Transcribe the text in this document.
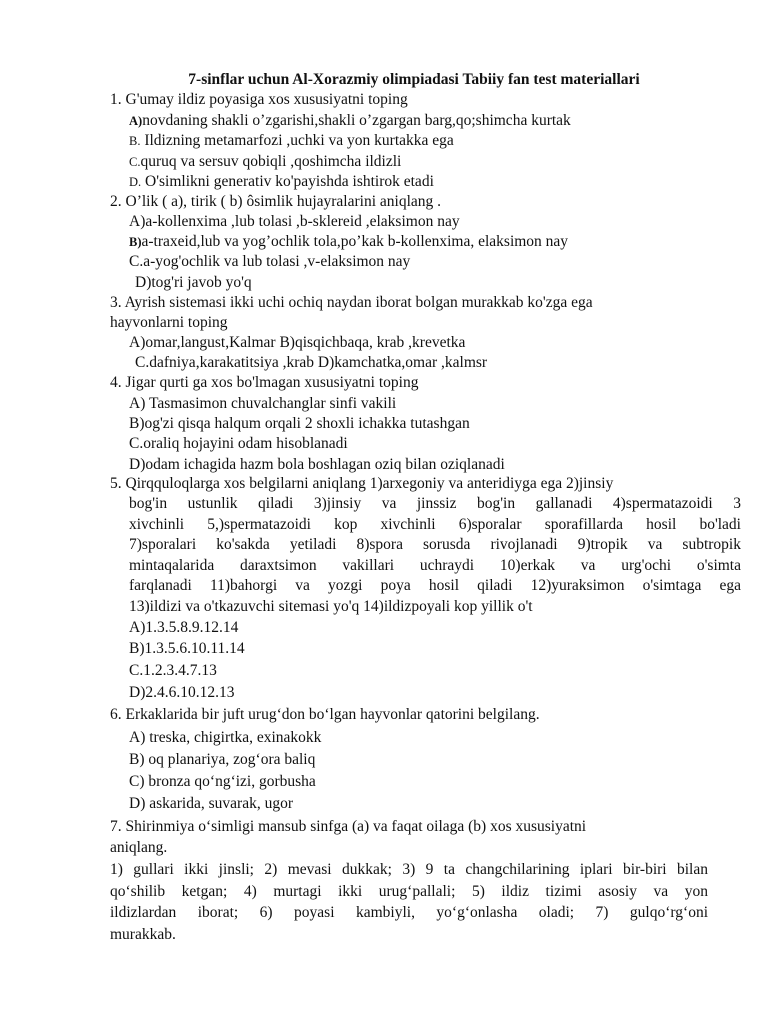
7-sinflar uchun Al-Xorazmiy olimpiadasi Tabiiy fan test materiallari
1. G'umay ildiz poyasiga xos xususiyatni toping
A)novdaning shakli o’zgarishi,shakli o’zgargan barg,qo;shimcha kurtak
B. Ildizning metamarfozi ,uchki va yon kurtakka ega
C.quruq va sersuv qobiqli ,qoshimcha ildizli
D. O'simlikni generativ ko'payishda ishtirok etadi
2. O’lik ( a), tirik ( b) ôsimlik hujayralarini aniqlang .
A)a-kollenxima ,lub tolasi ,b-sklereid ,elaksimon nay
B)a-traxeid,lub va yog’ochlik tola,po’kak b-kollenxima, elaksimon nay
C.a-yog'ochlik va lub tolasi ,v-elaksimon nay
D)tog'ri javob yo'q
3. Ayrish sistemasi ikki uchi ochiq naydan iborat bolgan murakkab ko'zga ega
hayvonlarni toping
A)omar,langust,Kalmar B)qisqichbaqa, krab ,krevetka
C.dafniya,karakatitsiya ,krab D)kamchatka,omar ,kalmsr
4. Jigar qurti ga xos bo'lmagan xususiyatni toping
A) Tasmasimon chuvalchanglar sinfi vakili
B)og'zi qisqa halqum orqali 2 shoxli ichakka tutashgan
C.oraliq hojayini odam hisoblanadi
D)odam ichagida hazm bola boshlagan oziq bilan oziqlanadi
5. Qirqquloqlarga xos belgilarni aniqlang 1)arxegoniy va anteridiyga ega 2)jinsiy
bog'in ustunlik qiladi 3)jinsiy va jinssiz bog'in gallanadi 4)spermatazoidi 3
xivchinli 5,)spermatazoidi kop xivchinli 6)sporalar sporafillarda hosil bo'ladi
7)sporalari ko'sakda yetiladi 8)spora sorusda rivojlanadi 9)tropik va subtropik
mintaqalarida daraxtsimon vakillari uchraydi 10)erkak va urg'ochi o'simta
farqlanadi 11)bahorgi va yozgi poya hosil qiladi 12)yuraksimon o'simtaga ega
13)ildizi va o'tkazuvchi sitemasi yo'q 14)ildizpoyali kop yillik o't
A)1.3.5.8.9.12.14
B)1.3.5.6.10.11.14
C.1.2.3.4.7.13
D)2.4.6.10.12.13
6. Erkaklarida bir juft urug‘don bo‘lgan hayvonlar qatorini belgilang.
A) treska, chigirtka, exinakokk
B) oq planariya, zog‘ora baliq
C) bronza qo‘ng‘izi, gorbusha
D) askarida, suvarak, ugor
7. Shirinmiya o‘simligi mansub sinfga (a) va faqat oilaga (b) xos xususiyatni
aniqlang.
1) gullari ikki jinsli; 2) mevasi dukkak; 3) 9 ta changchilarining iplari bir-biri bilan
qo‘shilib ketgan; 4) murtagi ikki urug‘pallali; 5) ildiz tizimi asosiy va yon
ildizlardan iborat; 6) poyasi kambiyli, yo‘g‘onlasha oladi; 7) gulqo‘rg‘oni
murakkab.
